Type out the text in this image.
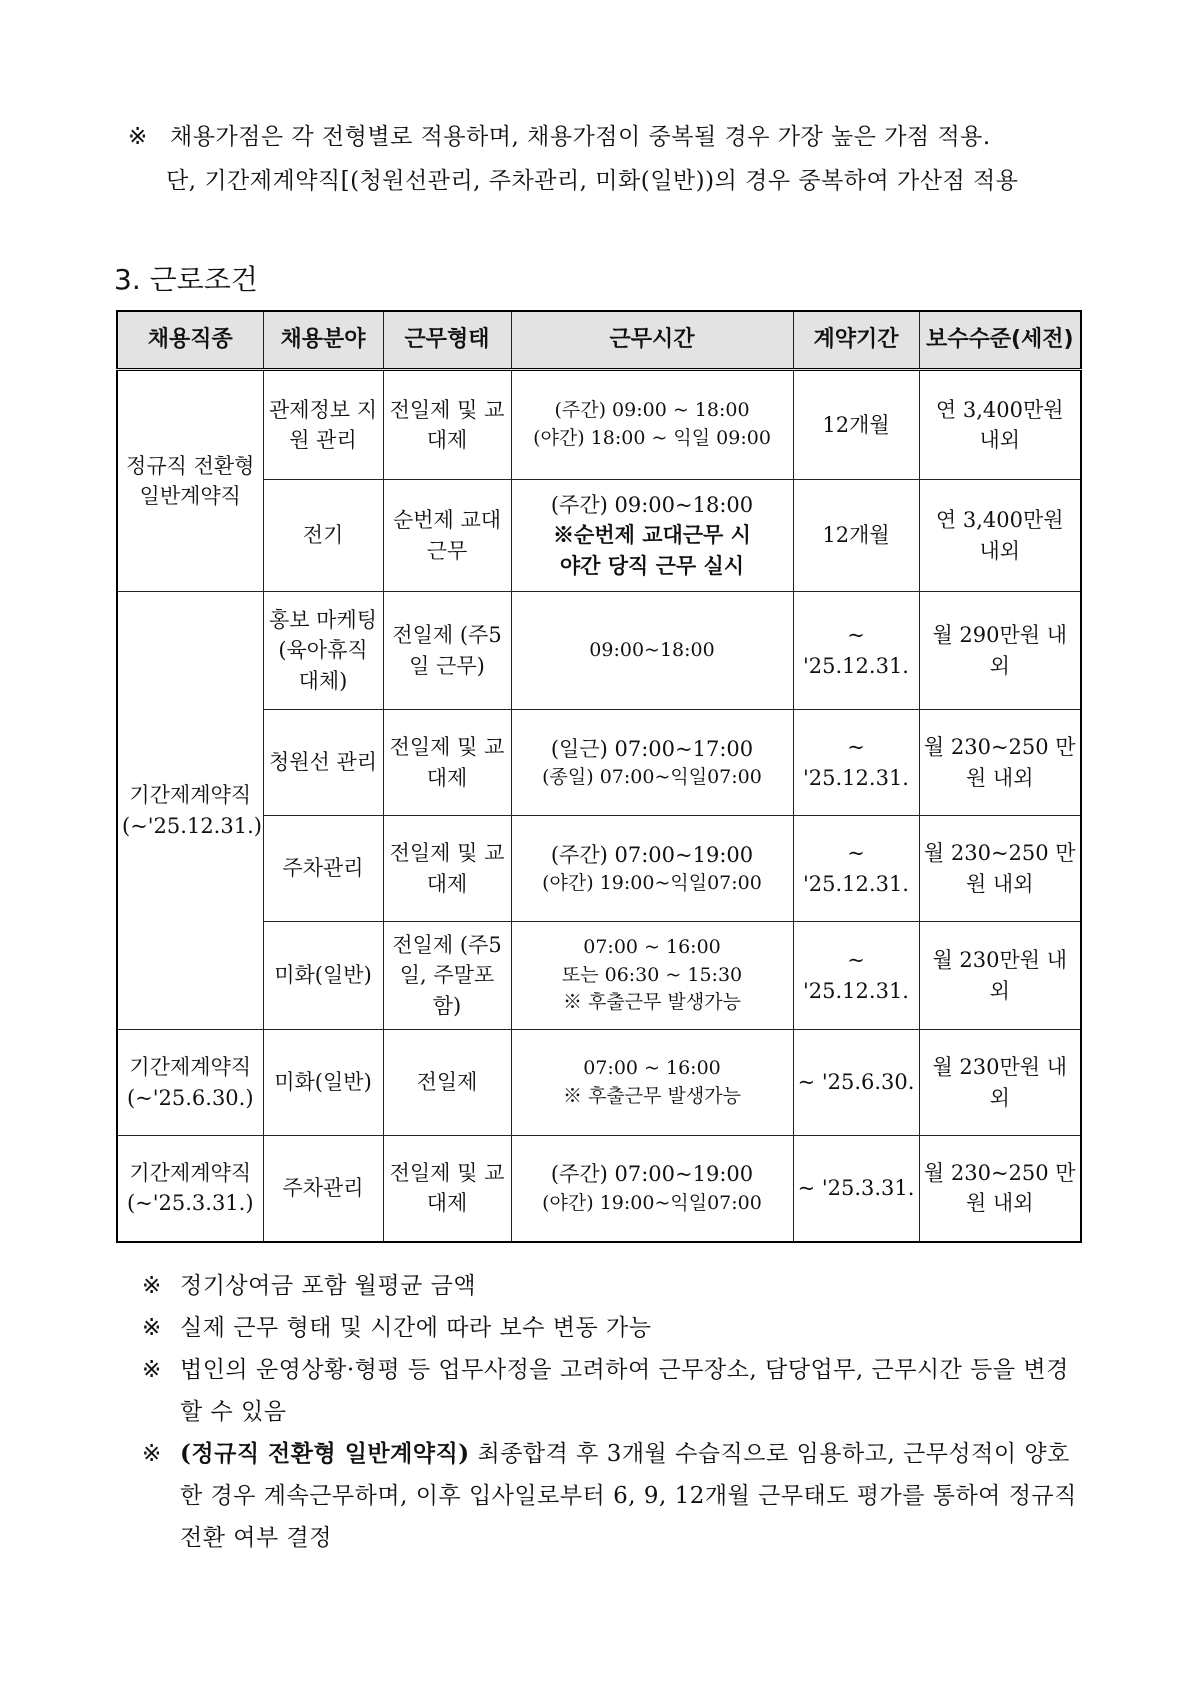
※ 채용가점은 각 전형별로 적용하며, 채용가점이 중복될 경우 가장 높은 가점 적용.
단, 기간제계약직[(청원선관리, 주차관리, 미화(일반))의 경우 중복하여 가산점 적용
3. 근로조건
채용직종	채용분야	근무형태	근무시간	계약기간	보수수준(세전)
정규직 전환형 일반계약직	관제정보 지원 관리	전일제 및 교대제	(주간) 09:00 ~ 18:00
(야간) 18:00 ~ 익일 09:00	12개월	연 3,400만원 내외
	전기	순번제 교대근무	(주간) 09:00~18:00
※순번제 교대근무 시
야간 당직 근무 실시	12개월	연 3,400만원 내외
기간제계약직 (~'25.12.31.)	홍보 마케팅 (육아휴직 대체)	전일제 (주5일 근무)	09:00~18:00	~ '25.12.31.	월 290만원 내외
	청원선 관리	전일제 및 교대제	(일근) 07:00~17:00
(종일) 07:00~익일07:00	~ '25.12.31.	월 230~250 만원 내외
	주차관리	전일제 및 교대제	(주간) 07:00~19:00
(야간) 19:00~익일07:00	~ '25.12.31.	월 230~250 만원 내외
	미화(일반)	전일제 (주5일, 주말포함)	07:00 ~ 16:00
또는 06:30 ~ 15:30
※ 후출근무 발생가능	~ '25.12.31.	월 230만원 내외
기간제계약직 (~'25.6.30.)	미화(일반)	전일제	07:00 ~ 16:00
※ 후출근무 발생가능	~ '25.6.30.	월 230만원 내외
기간제계약직 (~'25.3.31.)	주차관리	전일제 및 교대제	(주간) 07:00~19:00
(야간) 19:00~익일07:00	~ '25.3.31.	월 230~250 만원 내외
※ 정기상여금 포함 월평균 금액
※ 실제 근무 형태 및 시간에 따라 보수 변동 가능
※ 법인의 운영상황·형평 등 업무사정을 고려하여 근무장소, 담당업무, 근무시간 등을 변경할 수 있음
※ (정규직 전환형 일반계약직) 최종합격 후 3개월 수습직으로 임용하고, 근무성적이 양호한 경우 계속근무하며, 이후 입사일로부터 6, 9, 12개월 근무태도 평가를 통하여 정규직 전환 여부 결정
